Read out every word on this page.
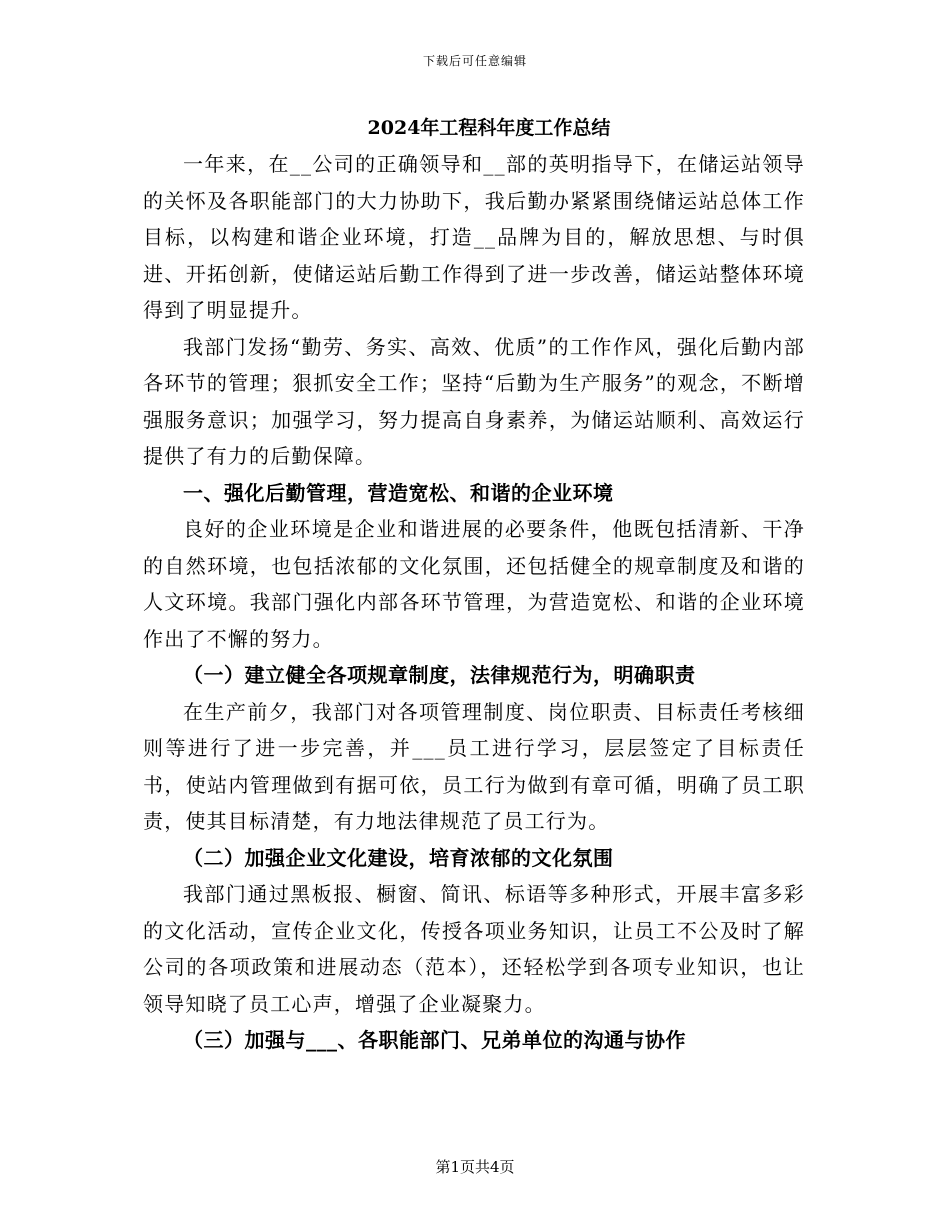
下载后可任意编辑
2024年工程科年度工作总结

一年来，在__公司的正确领导和__部的英明指导下，在储运站领导的关怀及各职能部门的大力协助下，我后勤办紧紧围绕储运站总体工作目标，以构建和谐企业环境，打造__品牌为目的，解放思想、与时俱进、开拓创新，使储运站后勤工作得到了进一步改善，储运站整体环境得到了明显提升。

我部门发扬“勤劳、务实、高效、优质”的工作作风，强化后勤内部各环节的管理；狠抓安全工作；坚持“后勤为生产服务”的观念，不断增强服务意识；加强学习，努力提高自身素养，为储运站顺利、高效运行提供了有力的后勤保障。

一、强化后勤管理，营造宽松、和谐的企业环境

良好的企业环境是企业和谐进展的必要条件，他既包括清新、干净的自然环境，也包括浓郁的文化氛围，还包括健全的规章制度及和谐的人文环境。我部门强化内部各环节管理，为营造宽松、和谐的企业环境作出了不懈的努力。

（一）建立健全各项规章制度，法律规范行为，明确职责

在生产前夕，我部门对各项管理制度、岗位职责、目标责任考核细则等进行了进一步完善，并___员工进行学习，层层签定了目标责任书，使站内管理做到有据可依，员工行为做到有章可循，明确了员工职责，使其目标清楚，有力地法律规范了员工行为。

（二）加强企业文化建设，培育浓郁的文化氛围

我部门通过黑板报、橱窗、简讯、标语等多种形式，开展丰富多彩的文化活动，宣传企业文化，传授各项业务知识，让员工不公及时了解公司的各项政策和进展动态（范本），还轻松学到各项专业知识，也让领导知晓了员工心声，增强了企业凝聚力。

（三）加强与___、各职能部门、兄弟单位的沟通与协作

第1页共4页
